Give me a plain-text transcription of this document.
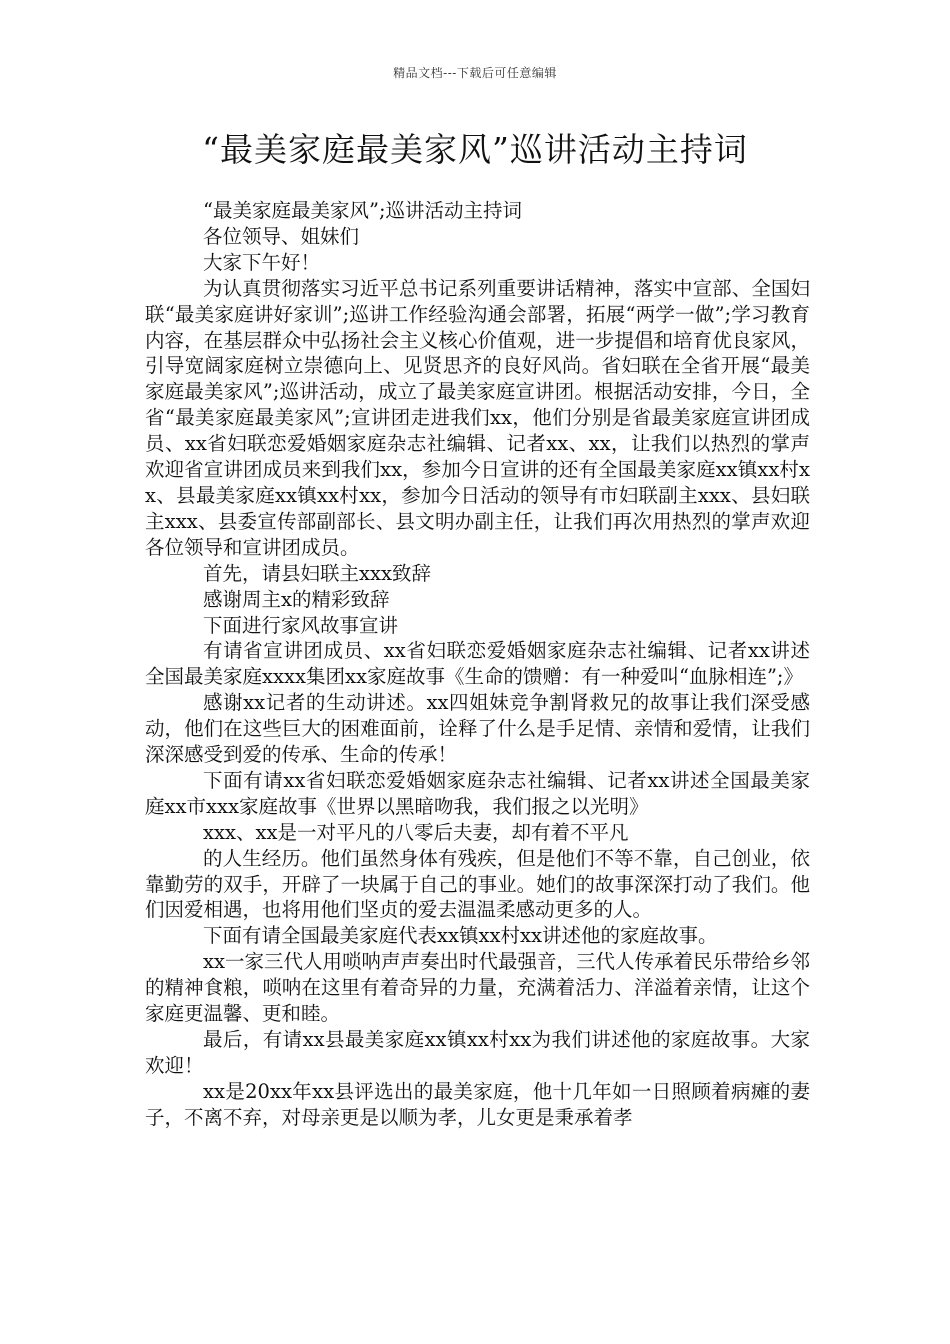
精品文档---下载后可任意编辑
“最美家庭最美家风”巡讲活动主持词

“最美家庭最美家风”;巡讲活动主持词

各位领导、姐妹们

大家下午好！

为认真贯彻落实习近平总书记系列重要讲话精神，落实中宣部、全国妇联“最美家庭讲好家训”;巡讲工作经验沟通会部署，拓展“两学一做”;学习教育内容，在基层群众中弘扬社会主义核心价值观，进一步提倡和培育优良家风，引导宽阔家庭树立崇德向上、见贤思齐的良好风尚。省妇联在全省开展“最美家庭最美家风”;巡讲活动，成立了最美家庭宣讲团。根据活动安排，今日，全省“最美家庭最美家风”;宣讲团走进我们xx，他们分别是省最美家庭宣讲团成员、xx省妇联恋爱婚姻家庭杂志社编辑、记者xx、xx，让我们以热烈的掌声欢迎省宣讲团成员来到我们xx，参加今日宣讲的还有全国最美家庭xx镇xx村xx、县最美家庭xx镇xx村xx，参加今日活动的领导有市妇联副主xxx、县妇联主xxx、县委宣传部副部长、县文明办副主任，让我们再次用热烈的掌声欢迎各位领导和宣讲团成员。

首先，请县妇联主xxx致辞

感谢周主x的精彩致辞

下面进行家风故事宣讲

有请省宣讲团成员、xx省妇联恋爱婚姻家庭杂志社编辑、记者xx讲述全国最美家庭xxxx集团xx家庭故事《生命的馈赠：有一种爱叫“血脉相连”;》

感谢xx记者的生动讲述。xx四姐妹竞争割肾救兄的故事让我们深受感动，他们在这些巨大的困难面前，诠释了什么是手足情、亲情和爱情，让我们深深感受到爱的传承、生命的传承！

下面有请xx省妇联恋爱婚姻家庭杂志社编辑、记者xx讲述全国最美家庭xx市xxx家庭故事《世界以黑暗吻我，我们报之以光明》

xxx、xx是一对平凡的八零后夫妻，却有着不平凡

的人生经历。他们虽然身体有残疾，但是他们不等不靠，自己创业，依靠勤劳的双手，开辟了一块属于自己的事业。她们的故事深深打动了我们。他们因爱相遇，也将用他们坚贞的爱去温温柔感动更多的人。

下面有请全国最美家庭代表xx镇xx村xx讲述他的家庭故事。

xx一家三代人用唢呐声声奏出时代最强音，三代人传承着民乐带给乡邻的精神食粮，唢呐在这里有着奇异的力量，充满着活力、洋溢着亲情，让这个家庭更温馨、更和睦。

最后，有请xx县最美家庭xx镇xx村xx为我们讲述他的家庭故事。大家欢迎！

xx是20xx年xx县评选出的最美家庭，他十几年如一日照顾着病瘫的妻子，不离不弃，对母亲更是以顺为孝，儿女更是秉承着孝
